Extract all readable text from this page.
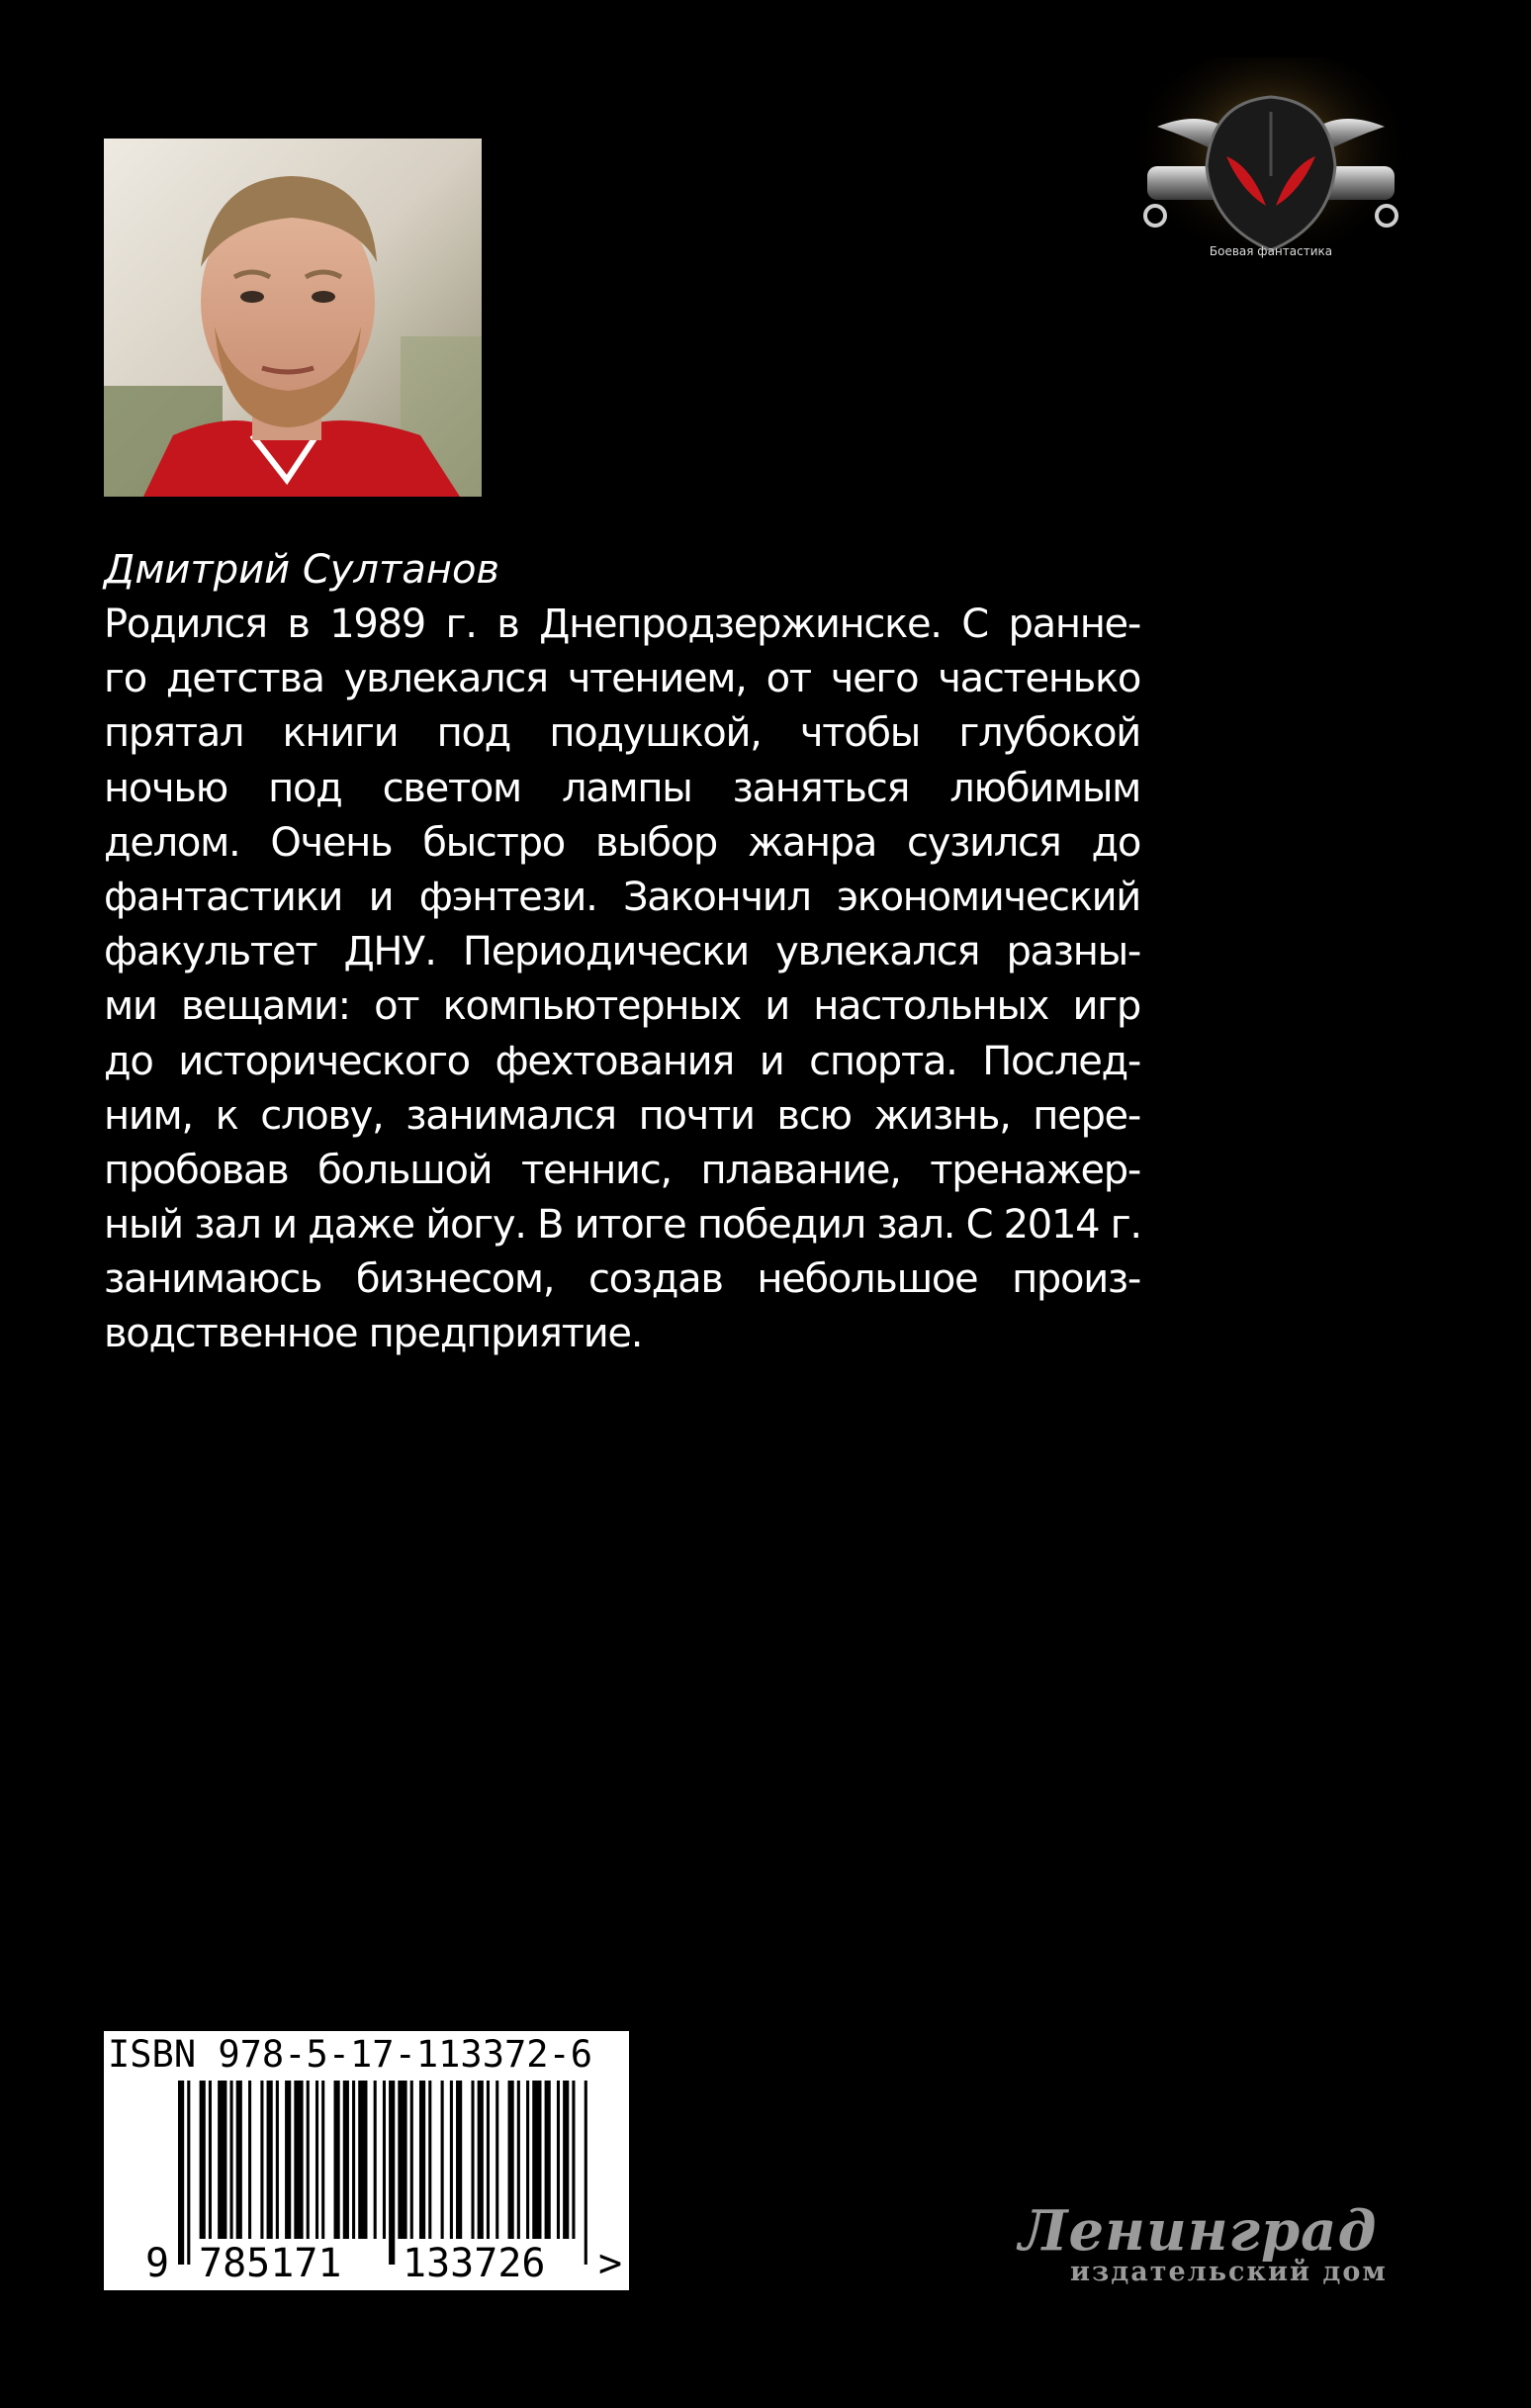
Боевая фантастика
Дмитрий Султанов
Родился в 1989 г. в Днепродзержинске. С ранне-
го детства увлекался чтением, от чего частенько
прятал книги под подушкой, чтобы глубокой
ночью под светом лампы заняться любимым
делом. Очень быстро выбор жанра сузился до
фантастики и фэнтези. Закончил экономический
факультет ДНУ. Периодически увлекался разны-
ми вещами: от компьютерных и настольных игр
до исторического фехтования и спорта. Послед-
ним, к слову, занимался почти всю жизнь, пере-
пробовав большой теннис, плавание, тренажер-
ный зал и даже йогу. В итоге победил зал. С 2014 г.
занимаюсь бизнесом, создав небольшое произ-
водственное предприятие.
ISBN 978-5-17-113372-6
9 785171 133726 >	Ленинград
издательский дом
